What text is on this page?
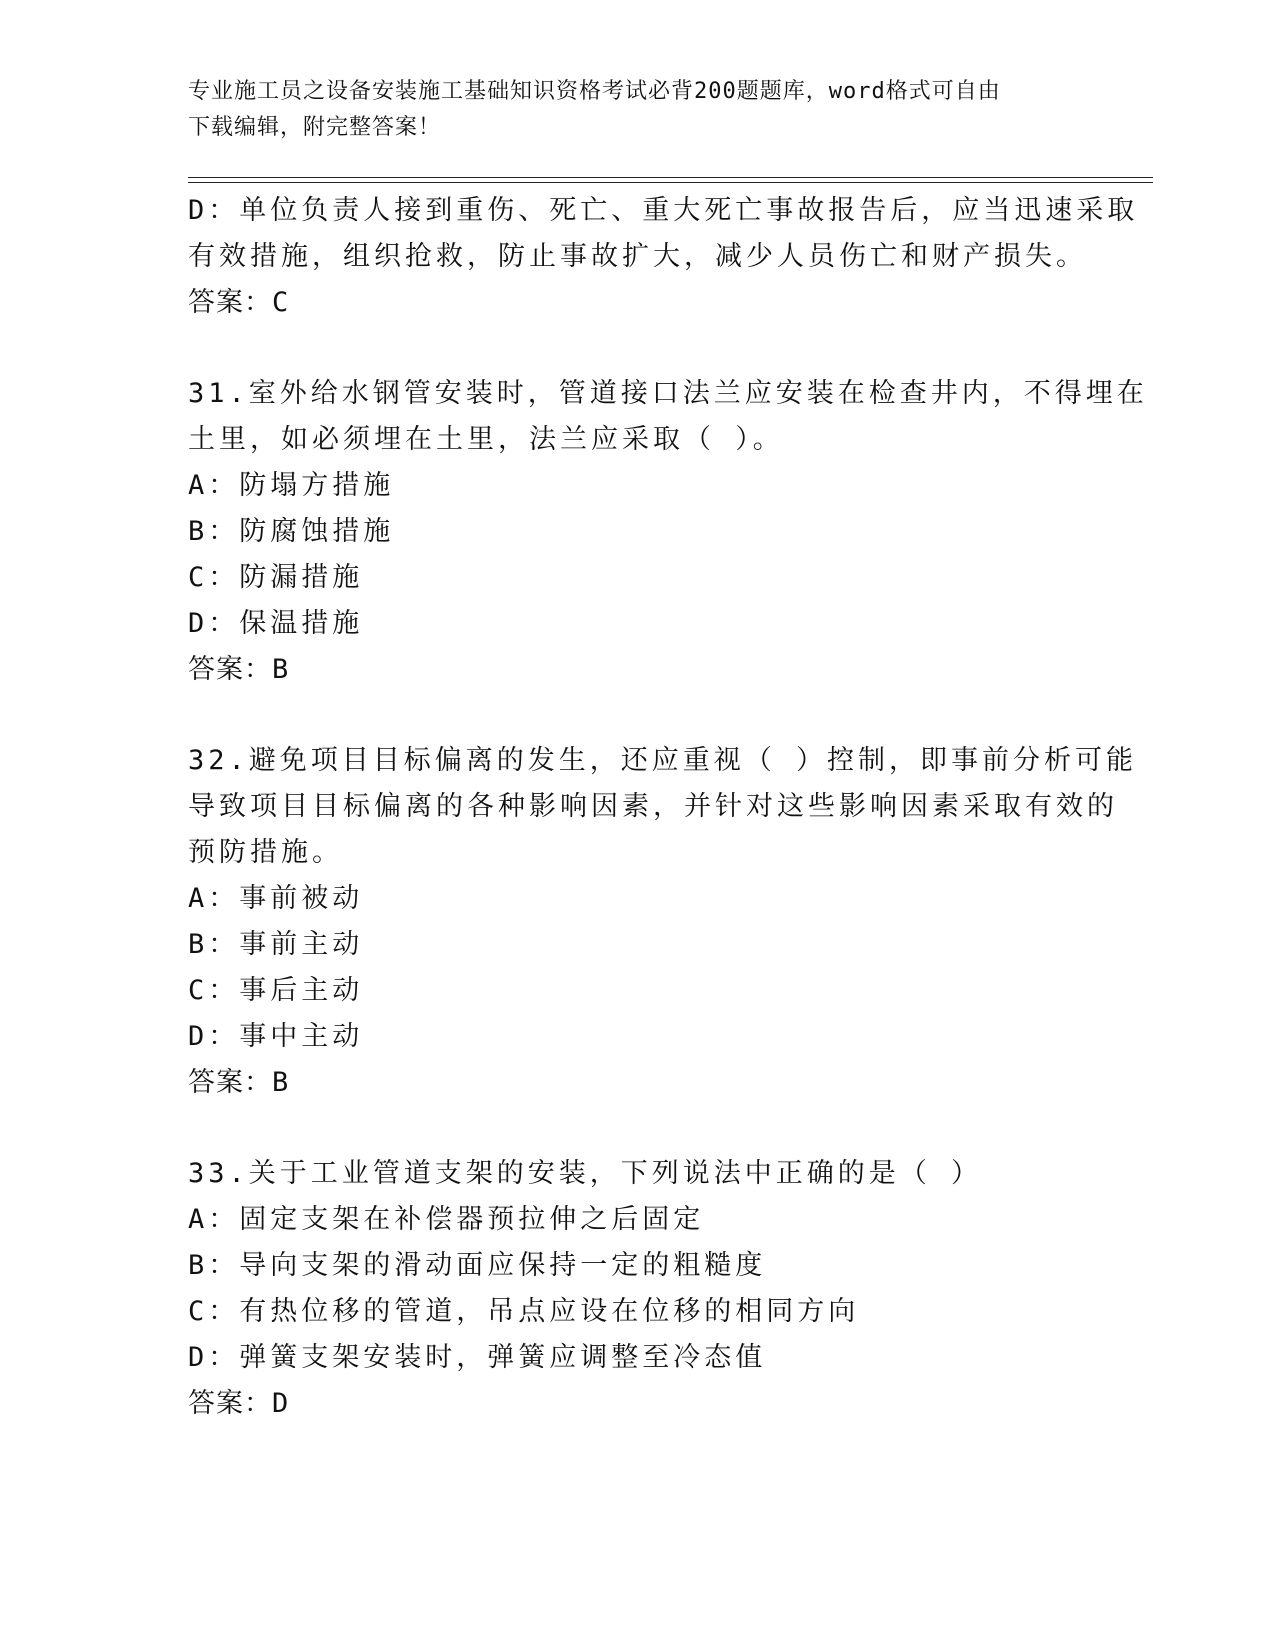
专业施工员之设备安装施工基础知识资格考试必背200题题库，word格式可自由
下载编辑，附完整答案！
D：单位负责人接到重伤、死亡、重大死亡事故报告后，应当迅速采取
有效措施，组织抢救，防止事故扩大，减少人员伤亡和财产损失。
答案：C
31.室外给水钢管安装时，管道接口法兰应安装在检查井内，不得埋在
土里，如必须埋在土里，法兰应采取（ ）。
A：防塌方措施
B：防腐蚀措施
C：防漏措施
D：保温措施
答案：B
32.避免项目目标偏离的发生，还应重视（ ）控制，即事前分析可能
导致项目目标偏离的各种影响因素，并针对这些影响因素采取有效的
预防措施。
A：事前被动
B：事前主动
C：事后主动
D：事中主动
答案：B
33.关于工业管道支架的安装，下列说法中正确的是（ ）
A：固定支架在补偿器预拉伸之后固定
B：导向支架的滑动面应保持一定的粗糙度
C：有热位移的管道，吊点应设在位移的相同方向
D：弹簧支架安装时，弹簧应调整至冷态值
答案：D
